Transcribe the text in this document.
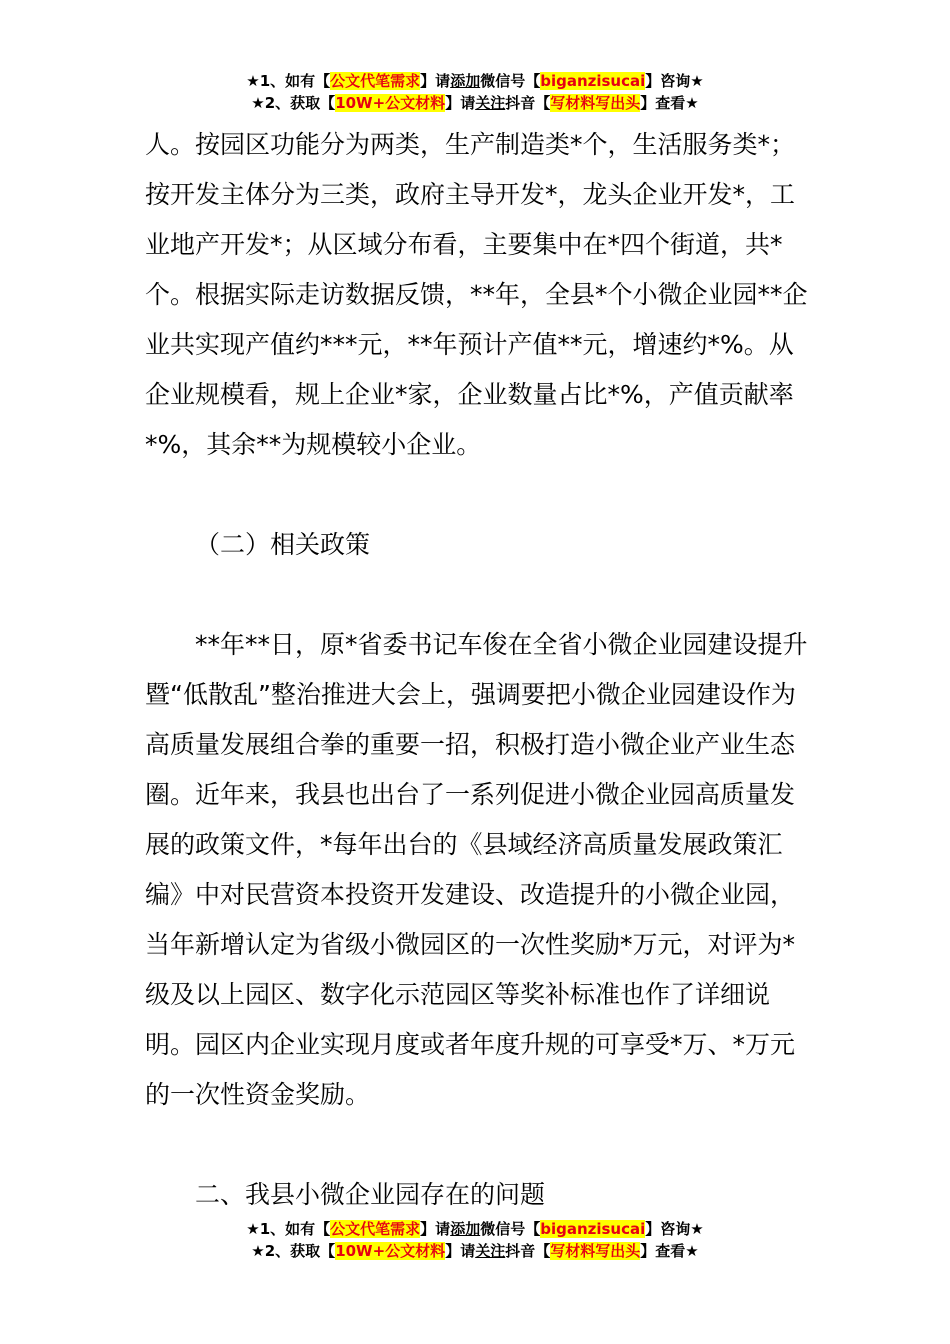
★1、如有【公文代笔需求】请添加微信号【biganzisucai】咨询★
★2、获取【10W+公文材料】请关注抖音【写材料写出头】查看★

人。按园区功能分为两类，生产制造类*个，生活服务类*；按开发主体分为三类，政府主导开发*，龙头企业开发*，工业地产开发*；从区域分布看，主要集中在*四个街道，共*个。根据实际走访数据反馈，**年，全县*个小微企业园**企业共实现产值约***元，**年预计产值**元，增速约*%。从企业规模看，规上企业*家，企业数量占比*%，产值贡献率*%，其余**为规模较小企业。

（二）相关政策

**年**日，原*省委书记车俊在全省小微企业园建设提升暨“低散乱”整治推进大会上，强调要把小微企业园建设作为高质量发展组合拳的重要一招，积极打造小微企业产业生态圈。近年来，我县也出台了一系列促进小微企业园高质量发展的政策文件，*每年出台的《县域经济高质量发展政策汇编》中对民营资本投资开发建设、改造提升的小微企业园，当年新增认定为省级小微园区的一次性奖励*万元，对评为*级及以上园区、数字化示范园区等奖补标准也作了详细说明。园区内企业实现月度或者年度升规的可享受*万、*万元的一次性资金奖励。

二、我县小微企业园存在的问题

★1、如有【公文代笔需求】请添加微信号【biganzisucai】咨询★
★2、获取【10W+公文材料】请关注抖音【写材料写出头】查看★
